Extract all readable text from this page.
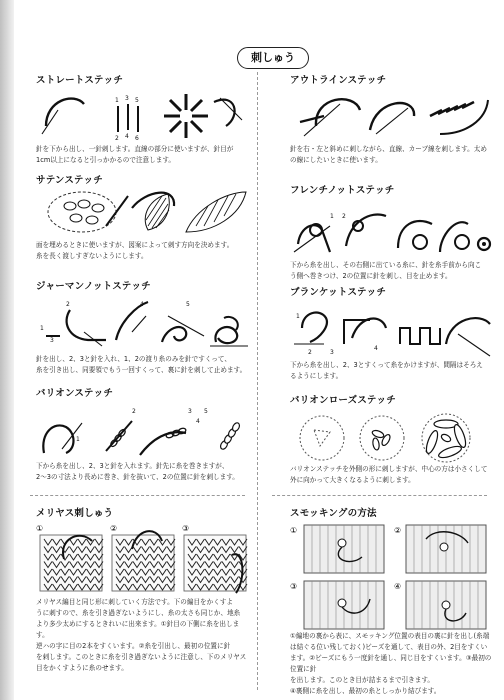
刺しゅう
ストレートステッチ
1 3 5
2 4 6

針を下から出し、一針刺します。直線の部分に使いますが、針目が
1cm以上になると引っかかるので注意します。

アウトラインステッチ

針を右・左と斜めに刺しながら、直線、カーブ線を刺します。太め
の線にしたいときに使います。

サテンステッチ

面を埋めるときに使いますが、図案によって刺す方向を決めます。
糸を長く渡しすぎないようにします。

フレンチノットステッチ
1 2

下から糸を出し、その右側に出ている糸に、針を糸手前から向こ
う側へ巻きつけ、2の位置に針を刺し、目を止めます。

ジャーマンノットステッチ
1
2
3
4	5

針を出し、2、3と針を入れ、1、2の渡り糸のみを針ですくって、
糸を引き出し、同要領でもう一回すくって、裏に針を刺して止めます。

ブランケットステッチ
1
2	3
4

下から糸を出し、2、3とすくって糸をかけますが、間隔はそろえ
るようにします。

バリオンステッチ
1
2	3
4
5

下から糸を出し、2、3と針を入れます。針先に糸を巻きますが、
2〜3の寸法より長めに巻き、針を抜いて、2の位置に針を刺します。

バリオンローズステッチ

バリオンステッチを外側の形に刺しますが、中心の方は小さくして
外に向かって大きくなるように刺します。

メリヤス刺しゅう
①	②	③

メリヤス編目と同じ形に刺していく方法です。下の編目をかくすよ
うに刺すので、糸を引き過ぎないようにし、糸の太さも同じか、地糸
より多少太めにするときれいに出来ます。①針目の下側に糸を出します。
逆ハの字に目の2本をすくいます。②糸を引出し、最初の位置に針
を刺します。このときに糸を引き過ぎないように注意し、下のメリヤス
目をかくすように糸のせます。

スモッキングの方法
①	②
③	④

①編地の裏から表に、スモッキング位置の表目の裏に針を出し(糸端
は結ぐる位い残しておく)ビーズを通して、表目の外、2目をすくい
ます。②ビーズにもう一度針を通し、同じ目をすくいます。③最初の位置に針
を出します。このとき目が詰まるまで引きます。
④裏側に糸を出し、最初の糸としっかり結びます。
